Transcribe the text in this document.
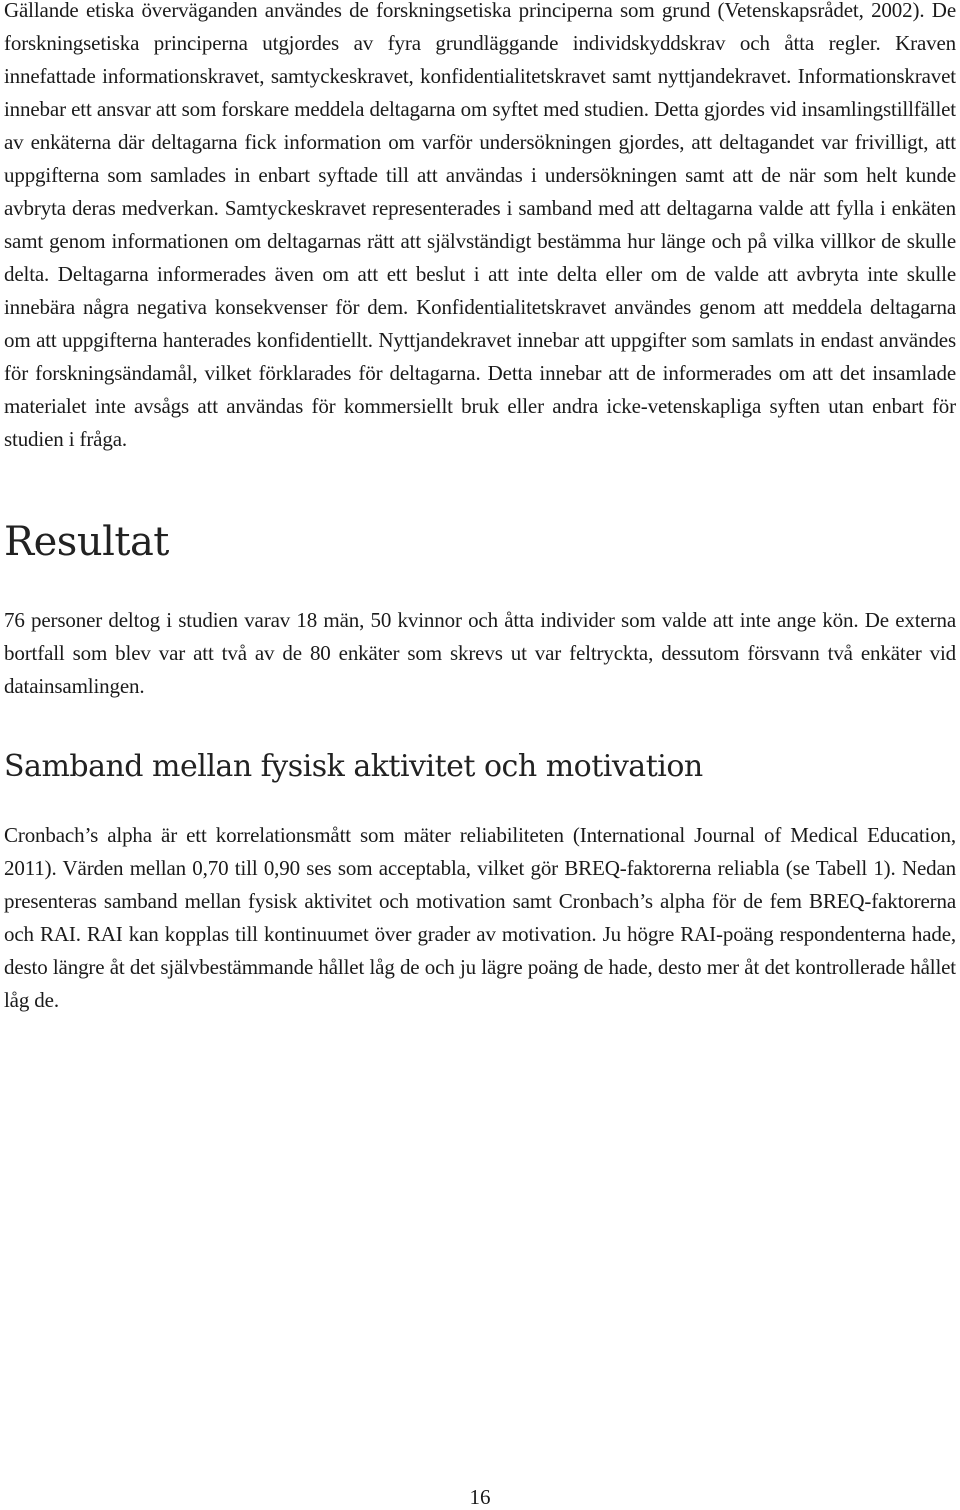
Gällande etiska överväganden användes de forskningsetiska principerna som grund (Vetenskapsrådet, 2002). De forskningsetiska principerna utgjordes av fyra grundläggande individskyddskrav och åtta regler. Kraven innefattade informationskravet, samtyckeskravet, konfidentialitetskravet samt nyttjandekravet. Informationskravet innebar ett ansvar att som forskare meddela deltagarna om syftet med studien. Detta gjordes vid insamlingstillfället av enkäterna där deltagarna fick information om varför undersökningen gjordes, att deltagandet var frivilligt, att uppgifterna som samlades in enbart syftade till att användas i undersökningen samt att de när som helt kunde avbryta deras medverkan. Samtyckeskravet representerades i samband med att deltagarna valde att fylla i enkäten samt genom informationen om deltagarnas rätt att självständigt bestämma hur länge och på vilka villkor de skulle delta. Deltagarna informerades även om att ett beslut i att inte delta eller om de valde att avbryta inte skulle innebära några negativa konsekvenser för dem. Konfidentialitetskravet användes genom att meddela deltagarna om att uppgifterna hanterades konfidentiellt. Nyttjandekravet innebar att uppgifter som samlats in endast användes för forskningsändamål, vilket förklarades för deltagarna. Detta innebar att de informerades om att det insamlade materialet inte avsågs att användas för kommersiellt bruk eller andra icke-vetenskapliga syften utan enbart för studien i fråga.

Resultat

76 personer deltog i studien varav 18 män, 50 kvinnor och åtta individer som valde att inte ange kön. De externa bortfall som blev var att två av de 80 enkäter som skrevs ut var feltryckta, dessutom försvann två enkäter vid datainsamlingen.

Samband mellan fysisk aktivitet och motivation

Cronbach’s alpha är ett korrelationsmått som mäter reliabiliteten (International Journal of Medical Education, 2011). Värden mellan 0,70 till 0,90 ses som acceptabla, vilket gör BREQ-faktorerna reliabla (se Tabell 1). Nedan presenteras samband mellan fysisk aktivitet och motivation samt Cronbach’s alpha för de fem BREQ-faktorerna och RAI. RAI kan kopplas till kontinuumet över grader av motivation. Ju högre RAI-poäng respondenterna hade, desto längre åt det självbestämmande hållet låg de och ju lägre poäng de hade, desto mer åt det kontrollerade hållet låg de.

16
